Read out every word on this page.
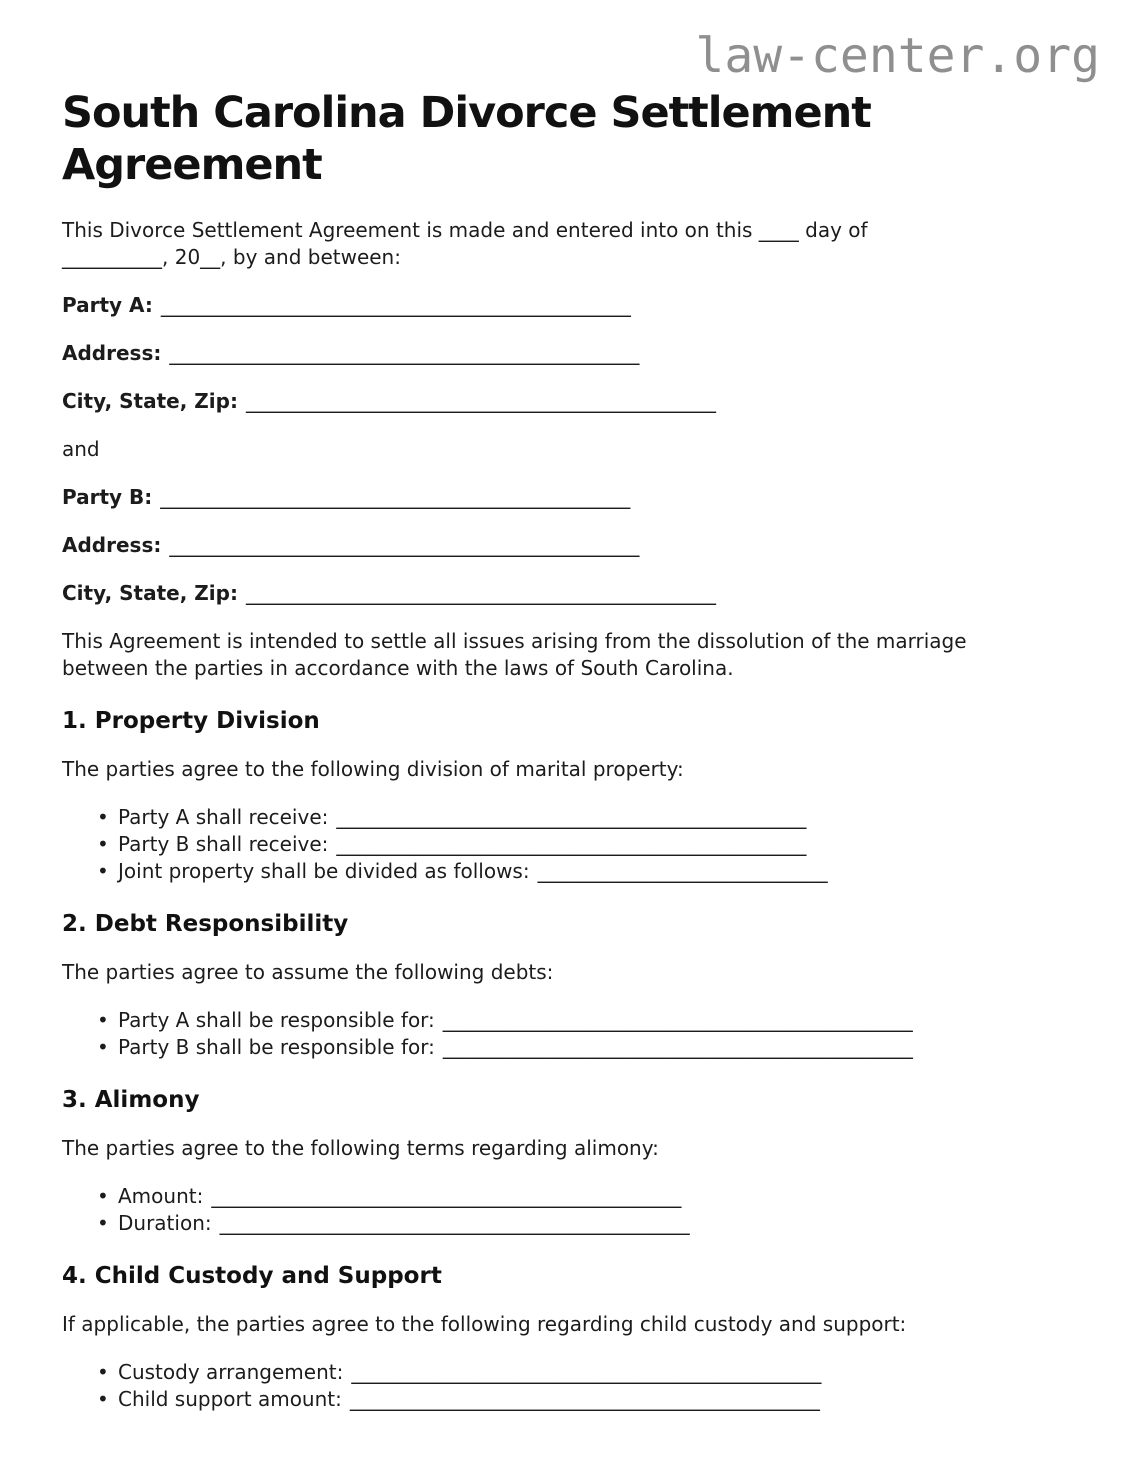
law-center.org
South Carolina Divorce Settlement Agreement

This Divorce Settlement Agreement is made and entered into on this ____ day of
__________, 20__, by and between:

Party A: _______________________________________________

Address: _______________________________________________

City, State, Zip: _______________________________________________

and

Party B: _______________________________________________

Address: _______________________________________________

City, State, Zip: _______________________________________________

This Agreement is intended to settle all issues arising from the dissolution of the marriage
between the parties in accordance with the laws of South Carolina.

1. Property Division

The parties agree to the following division of marital property:

• Party A shall receive: _______________________________________________
• Party B shall receive: _______________________________________________
• Joint property shall be divided as follows: _____________________________
2. Debt Responsibility

The parties agree to assume the following debts:

• Party A shall be responsible for: _______________________________________________
• Party B shall be responsible for: _______________________________________________
3. Alimony

The parties agree to the following terms regarding alimony:

• Amount: _______________________________________________
• Duration: _______________________________________________
4. Child Custody and Support

If applicable, the parties agree to the following regarding child custody and support:

• Custody arrangement: _______________________________________________
• Child support amount: _______________________________________________
